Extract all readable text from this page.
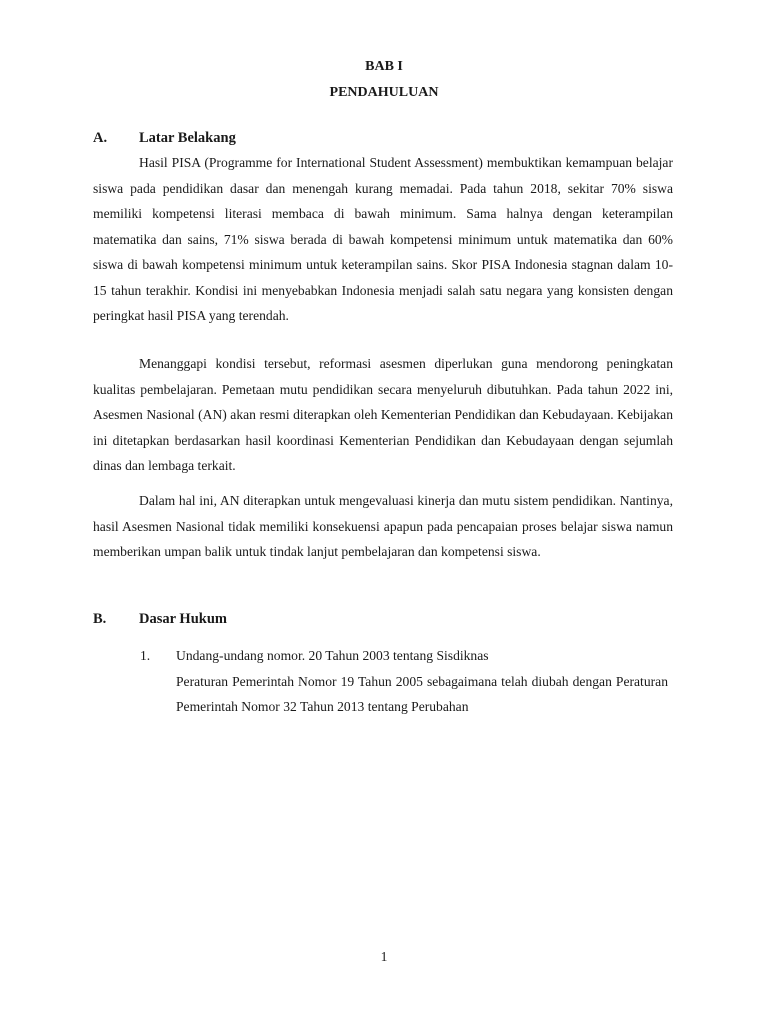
BAB I
PENDAHULUAN
A. Latar Belakang

Hasil PISA (Programme for International Student Assessment) membuktikan kemampuan belajar siswa pada pendidikan dasar dan menengah kurang memadai. Pada tahun 2018, sekitar 70% siswa memiliki kompetensi literasi membaca di bawah minimum. Sama halnya dengan keterampilan matematika dan sains, 71% siswa berada di bawah kompetensi minimum untuk matematika dan 60% siswa di bawah kompetensi minimum untuk keterampilan sains. Skor PISA Indonesia stagnan dalam 10-15 tahun terakhir. Kondisi ini menyebabkan Indonesia menjadi salah satu negara yang konsisten dengan peringkat hasil PISA yang terendah.

Menanggapi kondisi tersebut, reformasi asesmen diperlukan guna mendorong peningkatan kualitas pembelajaran. Pemetaan mutu pendidikan secara menyeluruh dibutuhkan. Pada tahun 2022 ini, Asesmen Nasional (AN) akan resmi diterapkan oleh Kementerian Pendidikan dan Kebudayaan. Kebijakan ini ditetapkan berdasarkan hasil koordinasi Kementerian Pendidikan dan Kebudayaan dengan sejumlah dinas dan lembaga terkait.

Dalam hal ini, AN diterapkan untuk mengevaluasi kinerja dan mutu sistem pendidikan. Nantinya, hasil Asesmen Nasional tidak memiliki konsekuensi apapun pada pencapaian proses belajar siswa namun memberikan umpan balik untuk tindak lanjut pembelajaran dan kompetensi siswa.

B. Dasar Hukum
1.	Undang-undang nomor. 20 Tahun 2003 tentang Sisdiknas
Peraturan Pemerintah Nomor 19 Tahun 2005 sebagaimana telah diubah dengan Peraturan Pemerintah Nomor 32 Tahun 2013 tentang Perubahan
1
